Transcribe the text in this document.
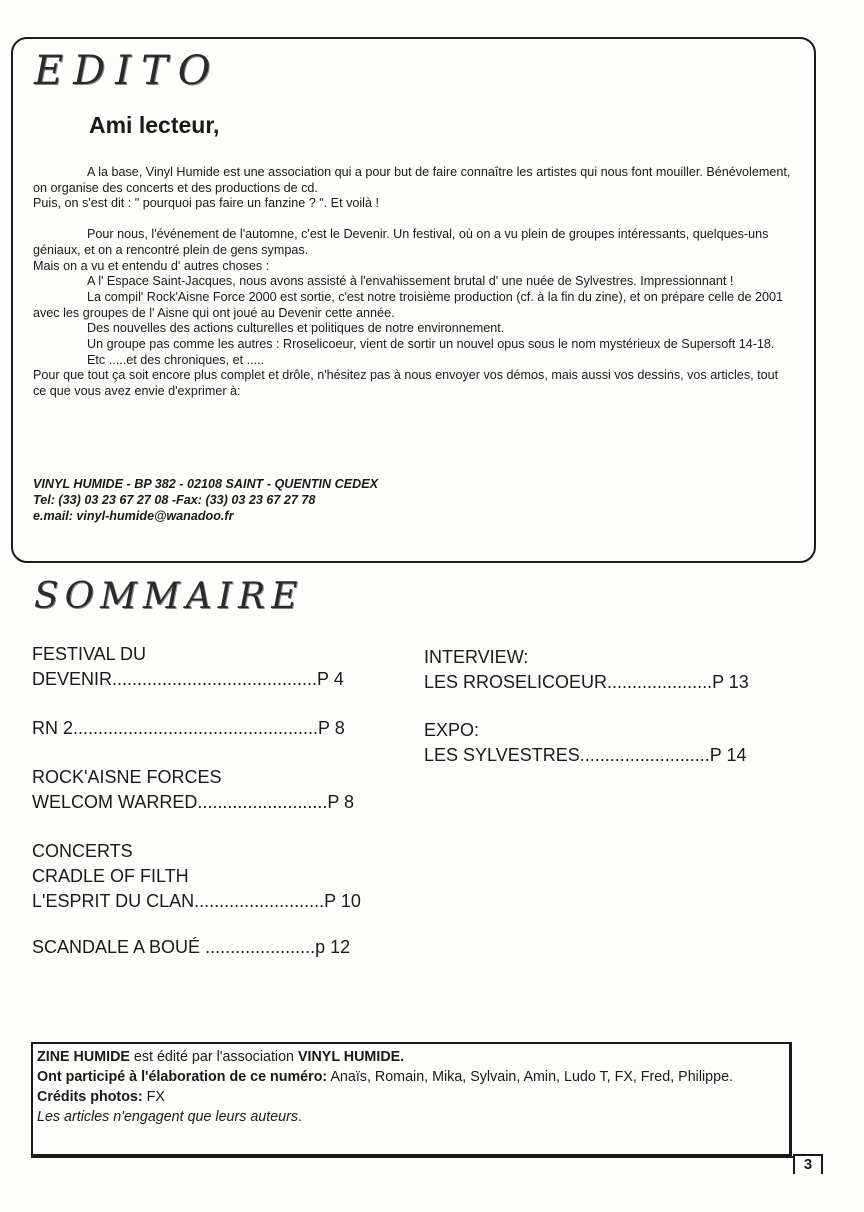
EDITO
Ami lecteur,

A la base, Vinyl Humide est une association qui a pour but de faire connaître les artistes qui nous font mouiller. Bénévolement, on organise des concerts et des productions de cd.

Puis, on s'est dit : " pourquoi pas faire un fanzine ? ". Et voilà !

Pour nous, l'événement de l'automne, c'est le Devenir. Un festival, où on a vu plein de groupes intéressants, quelques-uns géniaux, et on a rencontré plein de gens sympas.

Mais on a vu et entendu d' autres choses :

A l' Espace Saint-Jacques, nous avons assisté à l'envahissement brutal d' une nuée de Sylvestres. Impressionnant !

La compil' Rock'Aisne Force 2000 est sortie, c'est notre troisième production (cf. à la fin du zine), et on prépare celle de 2001 avec les groupes de l' Aisne qui ont joué au Devenir cette année.

Des nouvelles des actions culturelles et politiques de notre environnement.

Un groupe pas comme les autres : Rroselicoeur, vient de sortir un nouvel opus sous le nom mystérieux de Supersoft 14-18.

Etc .....et des chroniques, et .....

Pour que tout ça soit encore plus complet et drôle, n'hésitez pas à nous envoyer vos démos, mais aussi vos dessins, vos articles, tout ce que vous avez envie d'exprimer à:

VINYL HUMIDE - BP 382 - 02108 SAINT - QUENTIN CEDEX
Tel: (33) 03 23 67 27 08 -Fax: (33) 03 23 67 27 78
e.mail: vinyl-humide@wanadoo.fr
SOMMAIRE
FESTIVAL DU
DEVENIR.........................................P 4
RN 2.................................................P 8
ROCK'AISNE FORCES
WELCOM WARRED..........................P 8
CONCERTS
CRADLE OF FILTH
L'ESPRIT DU CLAN..........................P 10
SCANDALE A BOUÉ ......................p 12
INTERVIEW:
LES RROSELICOEUR.....................P 13
EXPO:
LES SYLVESTRES..........................P 14
ZINE HUMIDE est édité par l'association VINYL HUMIDE.
Ont participé à l'élaboration de ce numéro: Anaïs, Romain, Mika, Sylvain, Amin, Ludo T, FX, Fred, Philippe.
Crédits photos: FX
Les articles n'engagent que leurs auteurs.
3
